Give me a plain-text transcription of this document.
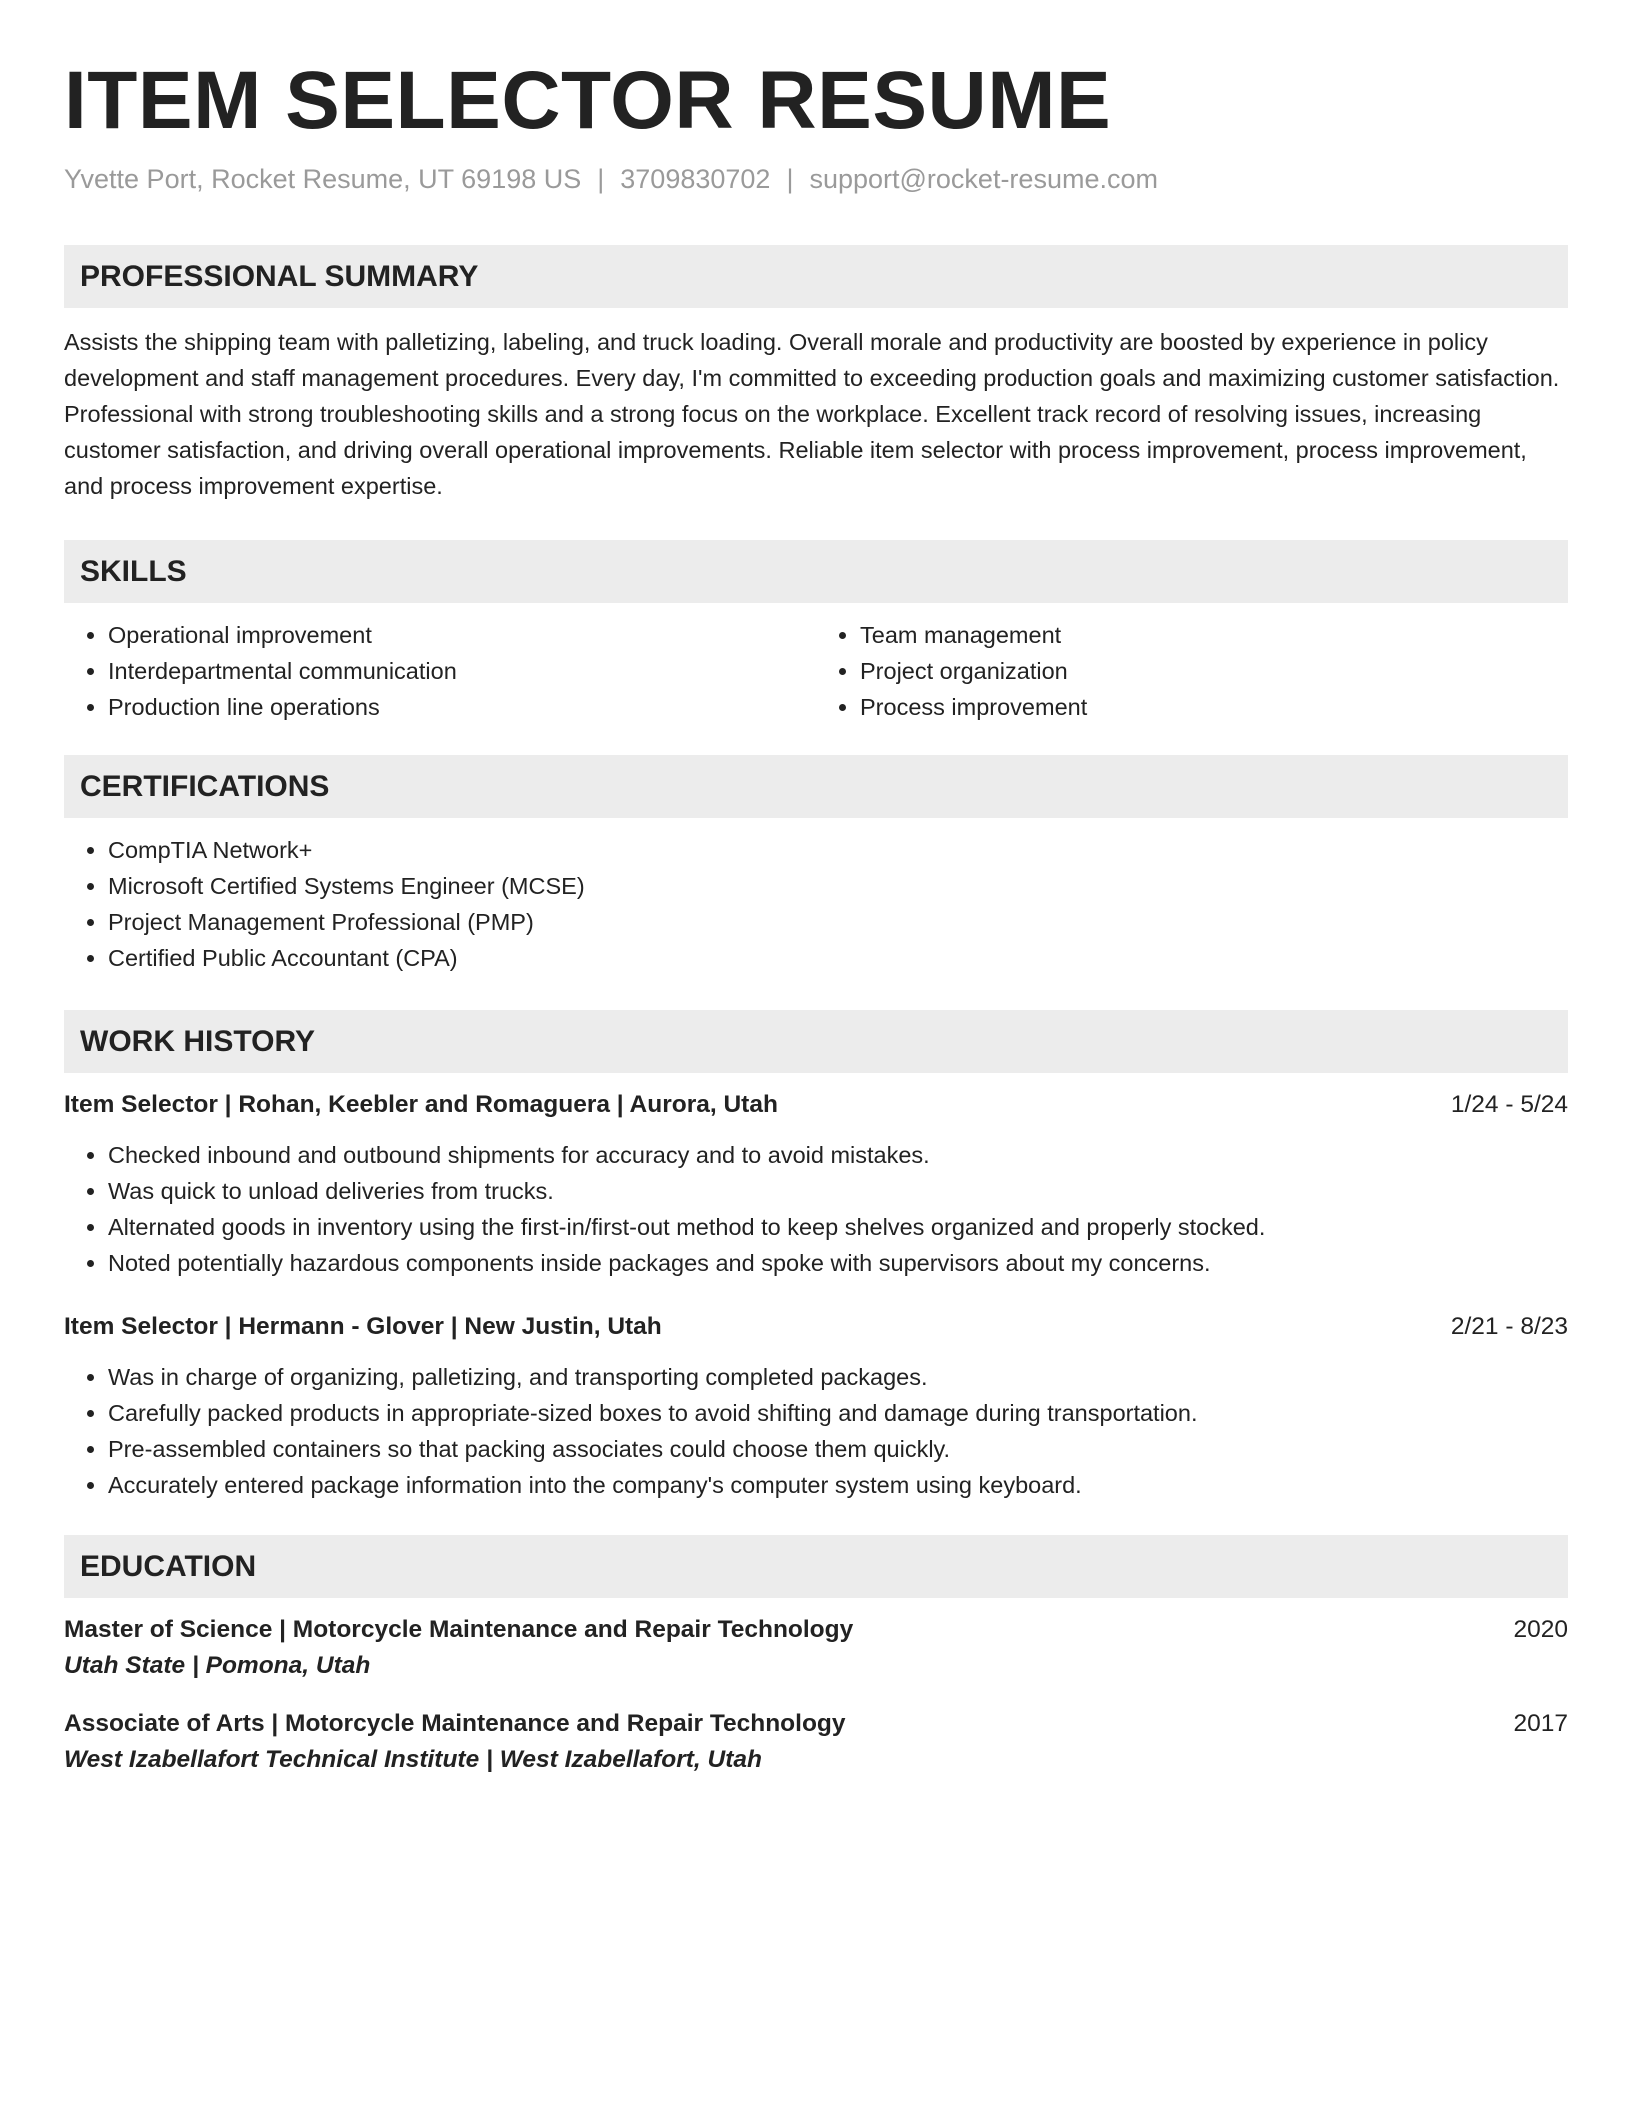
ITEM SELECTOR RESUME
Yvette Port, Rocket Resume, UT 69198 US | 3709830702 | support@rocket-resume.com
PROFESSIONAL SUMMARY

Assists the shipping team with palletizing, labeling, and truck loading. Overall morale and productivity are boosted by experience in policy development and staff management procedures. Every day, I'm committed to exceeding production goals and maximizing customer satisfaction. Professional with strong troubleshooting skills and a strong focus on the workplace. Excellent track record of resolving issues, increasing customer satisfaction, and driving overall operational improvements. Reliable item selector with process improvement, process improvement, and process improvement expertise.

SKILLS
• Operational improvement
• Interdepartmental communication
• Production line operations
• Team management
• Project organization
• Process improvement
CERTIFICATIONS
• CompTIA Network+
• Microsoft Certified Systems Engineer (MCSE)
• Project Management Professional (PMP)
• Certified Public Accountant (CPA)
WORK HISTORY
Item Selector | Rohan, Keebler and Romaguera | Aurora, Utah	1/24 - 5/24
• Checked inbound and outbound shipments for accuracy and to avoid mistakes.
• Was quick to unload deliveries from trucks.
• Alternated goods in inventory using the first-in/first-out method to keep shelves organized and properly stocked.
• Noted potentially hazardous components inside packages and spoke with supervisors about my concerns.
Item Selector | Hermann - Glover | New Justin, Utah	2/21 - 8/23
• Was in charge of organizing, palletizing, and transporting completed packages.
• Carefully packed products in appropriate-sized boxes to avoid shifting and damage during transportation.
• Pre-assembled containers so that packing associates could choose them quickly.
• Accurately entered package information into the company's computer system using keyboard.
EDUCATION
Master of Science | Motorcycle Maintenance and Repair Technology	2020
Utah State | Pomona, Utah
Associate of Arts | Motorcycle Maintenance and Repair Technology	2017
West Izabellafort Technical Institute | West Izabellafort, Utah
